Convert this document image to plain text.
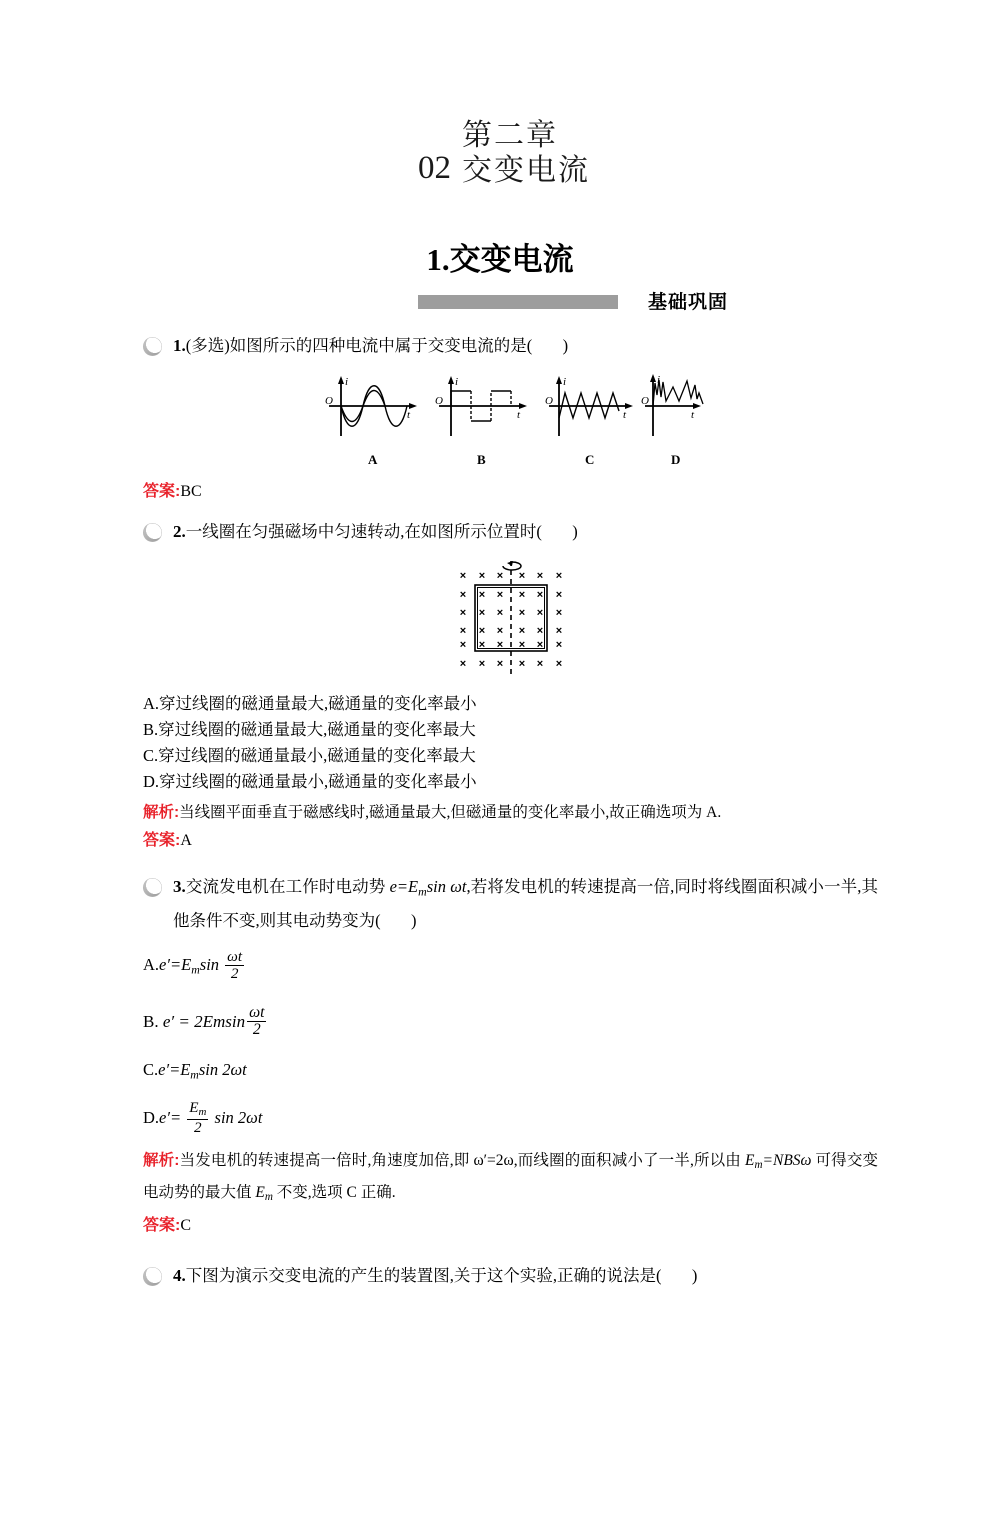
02
第二章
交变电流
1.交变电流
基础巩固
1.(多选)如图所示的四种电流中属于交变电流的是( )
O
i
t
O
i
t
O
i
t
O
i
t
A	B	C	D
答案:BC
2.一线圈在匀强磁场中匀速转动,在如图所示位置时( )
× × × × × ×
× × × × × ×
× × × × × ×
× × × × × ×
× × × × × ×
× × × × × ×
A.穿过线圈的磁通量最大,磁通量的变化率最小
B.穿过线圈的磁通量最大,磁通量的变化率最大
C.穿过线圈的磁通量最小,磁通量的变化率最大
D.穿过线圈的磁通量最小,磁通量的变化率最小
解析:当线圈平面垂直于磁感线时,磁通量最大,但磁通量的变化率最小,故正确选项为 A.
答案:A
3.交流发电机在工作时电动势 $e=E_m\sin$ ωt,若将发电机的转速提高一倍,同时将线圈面积减小一半,其他条件不变,则其电动势变为( )
$A.e'=E_m\sin \frac{\omega t}{2}$
B. $e' = 2Emsin \frac{\omega t}{2}$
$C.e'=E_m\sin$ 2ωt
$D.e'= \frac{E_m}{2}$ sin 2ωt
解析:当发电机的转速提高一倍时,角速度加倍,即 ω′=2ω,而线圈的面积减小了一半,所以由 $E_m=NBS\omega$ 可得交变电动势的最大值 $E_m$ 不变,选项 C 正确.
答案:C
4.下图为演示交变电流的产生的装置图,关于这个实验,正确的说法是( )
